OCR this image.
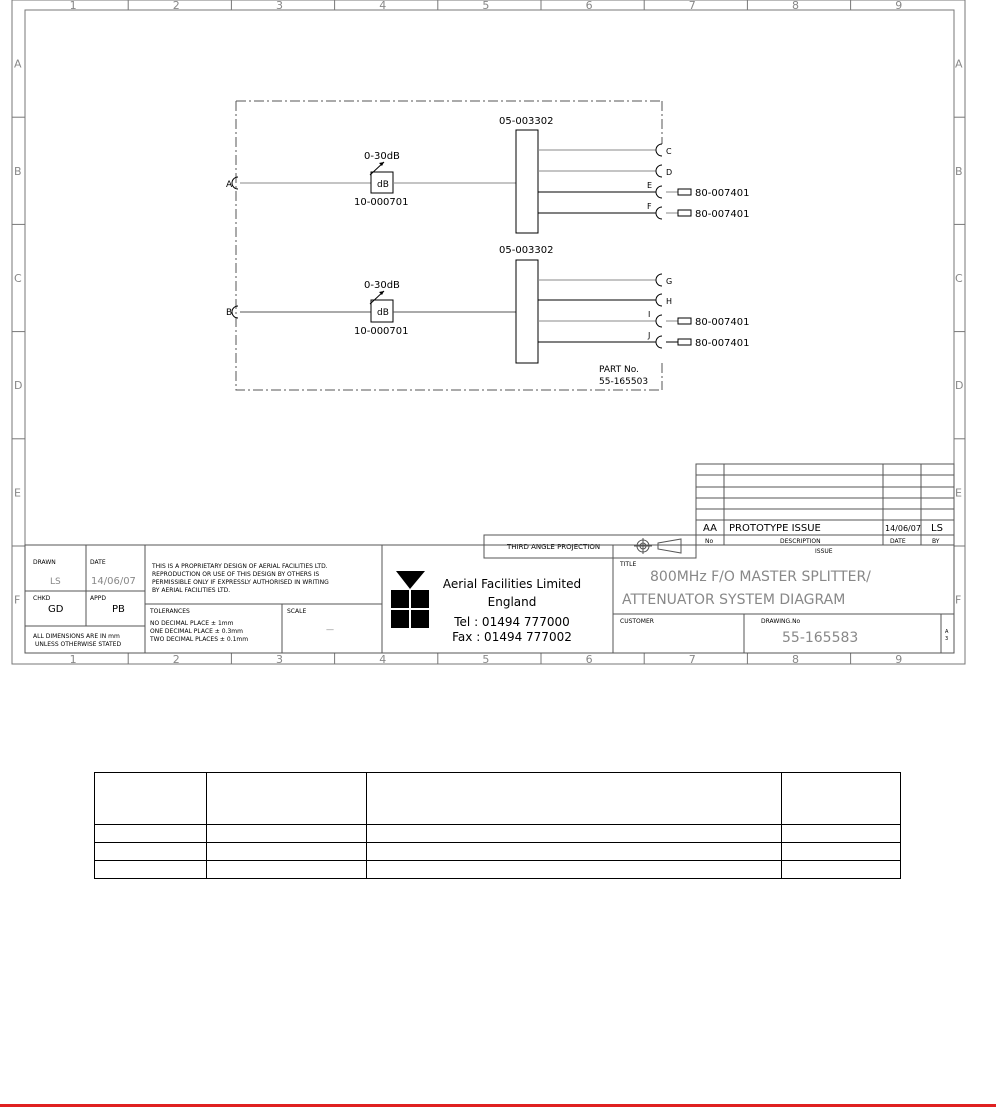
1
1
2
2
3
3
4
4
5
5
6
6
7
7
8
8
9
9
A	A
B	B
C	C
D	D
E	E
F	F
05-003302
05-003302
0-30dB
0-30dB
dB
dB
10-000701
10-000701
A
B
C
D
E
F
G
H
I
J
80-007401
80-007401
80-007401
80-007401
PART No.
55-165503
AA PROTOTYPE ISSUE	14/06/07 LS
No	DESCRIPTION	DATE	BY
ISSUE
THIRD ANGLE PROJECTION
DRAWN
LS
DATE
14/06/07
CHKD
GD
APPD
PB
ALL DIMENSIONS ARE IN mm
UNLESS OTHERWISE STATED
THIS IS A PROPRIETARY DESIGN OF AERIAL FACILITIES LTD.
REPRODUCTION OR USE OF THIS DESIGN BY OTHERS IS
PERMISSIBLE ONLY IF EXPRESSLY AUTHORISED IN WRITING
BY AERIAL FACILITIES LTD.
TOLERANCES
NO DECIMAL PLACE ± 1mm
ONE DECIMAL PLACE ± 0.3mm
TWO DECIMAL PLACES ± 0.1mm
SCALE
—
TITLE
800MHz F/O MASTER SPLITTER/
ATTENUATOR SYSTEM DIAGRAM
CUSTOMER	DRAWING.No
55-165583	A
3
Aerial Facilities Limited
England
Tel : 01494 777000
Fax : 01494 777002
